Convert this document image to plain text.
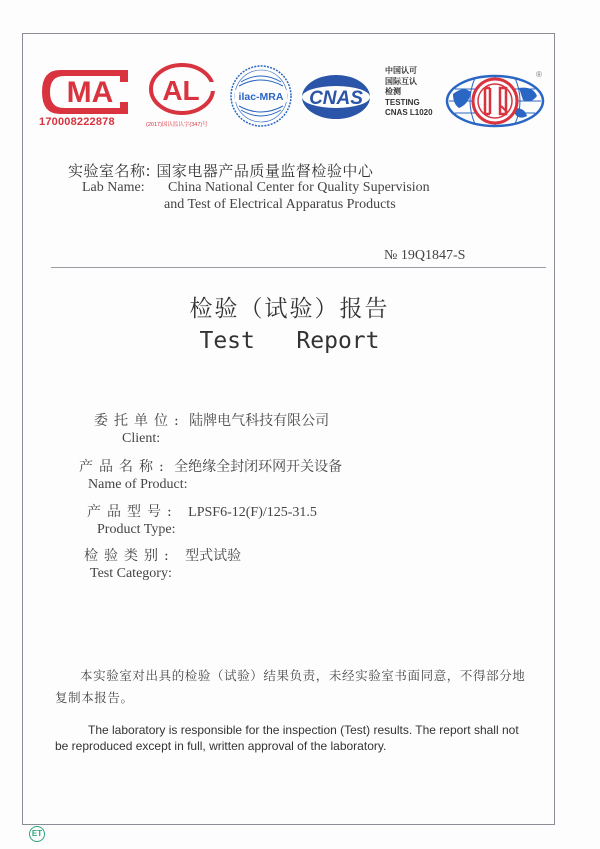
MA
170008222878
AL
(2017)国认监认字(347)号
ilac-MRA CNAS
中国认可
国际互认
检测
TESTING
CNAS L1020
®
实验室名称: 国家电器产品质量监督检验中心
Lab Name: China National Center for Quality Supervision
and Test of Electrical Apparatus Products
№ 19Q1847-S
检验（试验）报告
Test   Report
委托单位: 陆牌电气科技有限公司
Client:
产品名称: 全绝缘全封闭环网开关设备
Name of Product:
产品型号: LPSF6-12(F)/125-31.5
Product Type:
检验类别: 型式试验
Test Category:
本实验室对出具的检验（试验）结果负责，未经实验室书面同意，不得部分地复制本报告。
The laboratory is responsible for the inspection (Test) results. The report shall not be reproduced except in full, written approval of the laboratory.
ET
